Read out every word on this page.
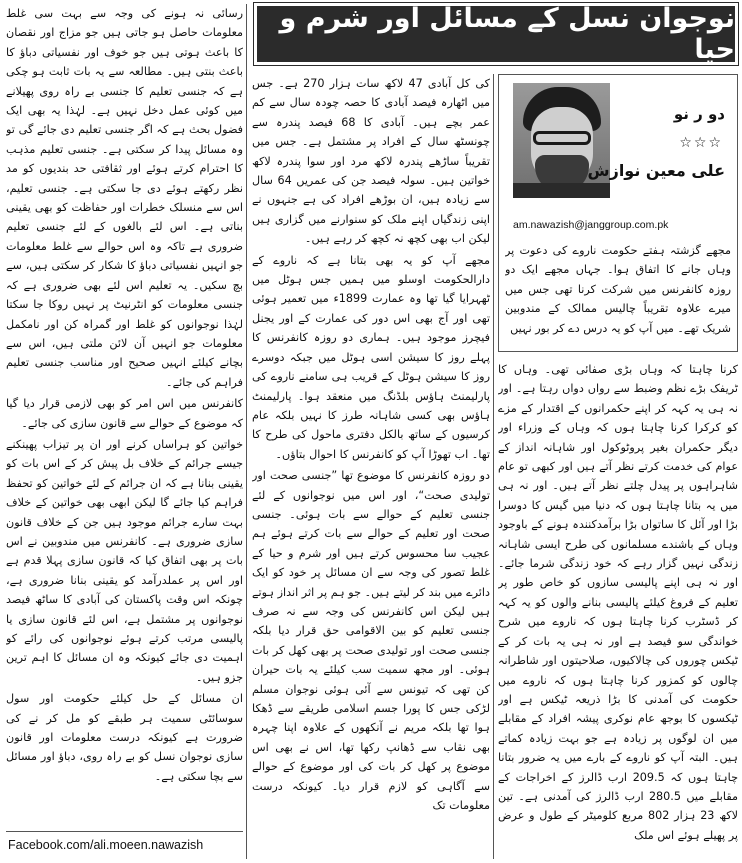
نوجوان نسل کے مسائل اور شرم و حیا
دو ر نو
☆☆☆
علی معین نوازش
am.nawazish@janggroup.com.pk

مجھے گزشتہ ہفتے حکومت ناروے کی دعوت پر وہاں جانے کا اتفاق ہوا۔ جہاں مجھے ایک دو روزہ کانفرنس میں شرکت کرنا تھی جس میں میرے علاوہ تقریباً چالیس ممالک کے مندوبین شریک تھے۔ میں آپ کو یہ درس دے کر بور نہیں

کرنا چاہتا کہ وہاں بڑی صفائی تھی۔ وہاں کا ٹریفک بڑے نظم وضبط سے رواں دواں رہتا ہے۔ اور نہ ہی یہ کہہ کر اپنے حکمرانوں کے اقتدار کے مزے کو کرکرا کرنا چاہتا ہوں کہ وہاں کے وزراء اور دیگر حکمران بغیر پروٹوکول اور شاہانہ انداز کے عوام کی خدمت کرتے نظر آتے ہیں اور کبھی تو عام شاہراہوں پر پیدل چلتے نظر آتے ہیں۔ اور نہ ہی میں یہ بتانا چاہتا ہوں کہ دنیا میں گیس کا دوسرا بڑا اور آئل کا ساتواں بڑا برآمدکنندہ ہونے کے باوجود وہاں کے باشندے مسلمانوں کی طرح ایسی شاہانہ زندگی نہیں گزار رہے کہ خود زندگی شرما جائے۔ اور نہ ہی اپنے پالیسی سازوں کو خاص طور پر تعلیم کے فروغ کیلئے پالیسی بنانے والوں کو یہ کہہ کر ڈسٹرب کرنا چاہتا ہوں کہ ناروے میں شرح خواندگی سو فیصد ہے اور نہ ہی یہ بات کر کے ٹیکس چوروں کی چالاکیوں، صلاحیتوں اور شاطرانہ چالوں کو کمزور کرنا چاہتا ہوں کہ ناروے میں حکومت کی آمدنی کا بڑا ذریعہ ٹیکس ہے اور ٹیکسوں کا بوجھ عام نوکری پیشہ افراد کے مقابلے میں ان لوگوں پر زیادہ ہے جو بہت زیادہ کماتے ہیں۔ البتہ آپ کو ناروے کے بارے میں یہ ضرور بتانا چاہتا ہوں کہ 209.5 ارب ڈالرز کے اخراجات کے مقابلے میں 280.5 ارب ڈالرز کی آمدنی ہے۔ تین لاکھ 23 ہزار 802 مربع کلومیٹر کے طول و عرض پر پھیلے ہوئے اس ملک

کی کل آبادی 47 لاکھ سات ہزار 270 ہے۔ جس میں اٹھارہ فیصد آبادی کا حصہ چودہ سال سے کم عمر بچے ہیں۔ آبادی کا 68 فیصد پندرہ سے چونسٹھ سال کے افراد پر مشتمل ہے۔ جس میں تقریباً ساڑھے پندرہ لاکھ مرد اور سوا پندرہ لاکھ خواتین ہیں۔ سولہ فیصد جن کی عمریں 64 سال سے زیادہ ہیں، ان بوڑھے افراد کی ہے جنہوں نے اپنی زندگیاں اپنے ملک کو سنوارنے میں گزاری ہیں لیکن اب بھی کچھ نہ کچھ کر رہے ہیں۔

مجھے آپ کو یہ بھی بتانا ہے کہ ناروے کے دارالحکومت اوسلو میں ہمیں جس ہوٹل میں ٹھہرایا گیا تھا وہ عمارت 1899ء میں تعمیر ہوئی تھی اور آج بھی اس دور کی عمارت کے اور یجنل فیچرز موجود ہیں۔ ہماری دو روزہ کانفرنس کا پہلے روز کا سیشن اسی ہوٹل میں جبکہ دوسرے روز کا سیشن ہوٹل کے قریب ہی سامنے ناروے کی پارلیمنٹ ہاؤس بلڈنگ میں منعقد ہوا۔ پارلیمنٹ ہاؤس بھی کسی شاہانہ طرز کا نہیں بلکہ عام کرسیوں کے ساتھ بالکل دفتری ماحول کی طرح کا تھا۔ اب تھوڑا آپ کو کانفرنس کا احوال بتاؤں۔

دو روزہ کانفرنس کا موضوع تھا ”جنسی صحت اور تولیدی صحت“، اور اس میں نوجوانوں کے لئے جنسی تعلیم کے حوالے سے بات ہوئی۔ جنسی صحت اور تعلیم کے حوالے سے بات کرتے ہوئے ہم عجیب سا محسوس کرتے ہیں اور شرم و حیا کے غلط تصور کی وجہ سے ان مسائل پر خود کو ایک دائرے میں بند کر لیتے ہیں۔ جو ہم پر اثر انداز ہوتے ہیں لیکن اس کانفرنس کی وجہ سے نہ صرف جنسی تعلیم کو بین الاقوامی حق قرار دیا بلکہ جنسی صحت اور تولیدی صحت پر بھی کھل کر بات ہوئی۔ اور مجھ سمیت سب کیلئے یہ بات حیران کن تھی کہ تیونس سے آئی ہوئی نوجوان مسلم لڑکی جس کا پورا جسم اسلامی طریقے سے ڈھکا ہوا تھا بلکہ مریم نے آنکھوں کے علاوہ اپنا چہرہ بھی نقاب سے ڈھانپ رکھا تھا، اس نے بھی اس موضوع پر کھل کر بات کی اور موضوع کے حوالے سے آگاہی کو لازم قرار دیا۔ کیونکہ درست معلومات تک

رسائی نہ ہونے کی وجہ سے بہت سی غلط معلومات حاصل ہو جاتی ہیں جو مزاج اور نقصان کا باعث ہوتی ہیں جو خوف اور نفسیاتی دباؤ کا باعث بنتی ہیں۔ مطالعہ سے یہ بات ثابت ہو چکی ہے کہ جنسی تعلیم کا جنسی بے راہ روی پھیلانے میں کوئی عمل دخل نہیں ہے۔ لہٰذا یہ بھی ایک فضول بحث ہے کہ اگر جنسی تعلیم دی جائے گی تو وہ مسائل پیدا کر سکتی ہے۔ جنسی تعلیم مذہب کا احترام کرتے ہوئے اور ثقافتی حد بندیوں کو مد نظر رکھتے ہوئے دی جا سکتی ہے۔ جنسی تعلیم، اس سے منسلک خطرات اور حفاظت کو بھی یقینی بناتی ہے۔ اس لئے بالغوں کے لئے جنسی تعلیم ضروری ہے تاکہ وہ اس حوالے سے غلط معلومات جو انہیں نفسیاتی دباؤ کا شکار کر سکتی ہیں، سے بچ سکیں۔ یہ تعلیم اس لئے بھی ضروری ہے کہ جنسی معلومات کو انٹرنیٹ پر نہیں روکا جا سکتا لہٰذا نوجوانوں کو غلط اور گمراہ کن اور نامکمل معلومات جو انہیں آن لائن ملتی ہیں، اس سے بچانے کیلئے انہیں صحیح اور مناسب جنسی تعلیم فراہم کی جائے۔

کانفرنس میں اس امر کو بھی لازمی قرار دیا گیا کہ موضوع کے حوالے سے قانون سازی کی جائے۔

خواتین کو ہراساں کرنے اور ان پر تیزاب پھینکنے جیسے جرائم کے خلاف بل پیش کر کے اس بات کو یقینی بنانا ہے کہ ان جرائم کے لئے خواتین کو تحفظ فراہم کیا جائے گا لیکن ابھی بھی خواتین کے خلاف بہت سارے جرائم موجود ہیں جن کے خلاف قانون سازی ضروری ہے۔ کانفرنس میں مندوبین نے اس بات پر بھی اتفاق کیا کہ قانون سازی پہلا قدم ہے اور اس پر عملدرآمد کو یقینی بنانا ضروری ہے، چونکہ اس وقت پاکستان کی آبادی کا ساٹھ فیصد نوجوانوں پر مشتمل ہے، اس لئے قانون سازی یا پالیسی مرتب کرتے ہوئے نوجوانوں کی رائے کو اہمیت دی جائے کیونکہ وہ ان مسائل کا اہم ترین جزو ہیں۔

ان مسائل کے حل کیلئے حکومت اور سول سوسائٹی سمیت ہر طبقے کو مل کر نے کی ضرورت ہے کیونکہ درست معلومات اور قانون سازی نوجوان نسل کو بے راہ روی، دباؤ اور مسائل سے بچا سکتی ہے۔

Facebook.com/ali.moeen.nawazish
